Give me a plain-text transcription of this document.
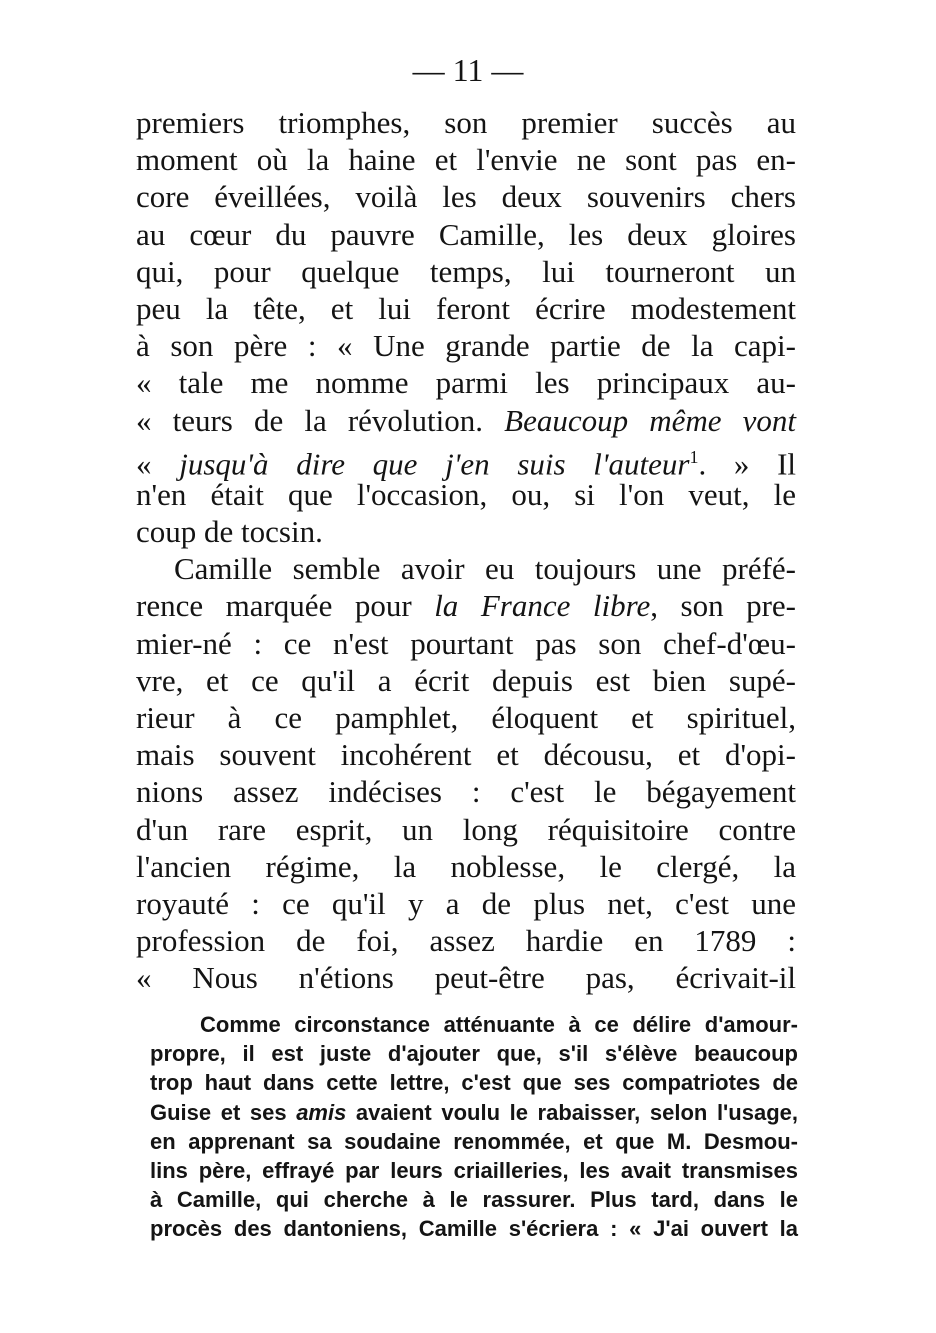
— 11 —
premiers triomphes, son premier succès au
moment où la haine et l'envie ne sont pas en-
core éveillées, voilà les deux souvenirs chers
au cœur du pauvre Camille, les deux gloires
qui, pour quelque temps, lui tourneront un
peu la tête, et lui feront écrire modestement
à son père : « Une grande partie de la capi-
« tale me nomme parmi les principaux au-
« teurs de la révolution. Beaucoup même vont
« jusqu'à dire que j'en suis l'auteur$^1$. » Il
n'en était que l'occasion, ou, si l'on veut, le
coup de tocsin.
Camille semble avoir eu toujours une préfé-
rence marquée pour la France libre, son pre-
mier-né : ce n'est pourtant pas son chef-d'œu-
vre, et ce qu'il a écrit depuis est bien supé-
rieur à ce pamphlet, éloquent et spirituel,
mais souvent incohérent et décousu, et d'opi-
nions assez indécises : c'est le bégayement
d'un rare esprit, un long réquisitoire contre
l'ancien régime, la noblesse, le clergé, la
royauté : ce qu'il y a de plus net, c'est une
profession de foi, assez hardie en 1789 :
« Nous n'étions peut-être pas, écrivait-il
Comme circonstance atténuante à ce délire d'amour-
propre, il est juste d'ajouter que, s'il s'élève beaucoup
trop haut dans cette lettre, c'est que ses compatriotes de
Guise et ses amis avaient voulu le rabaisser, selon l'usage,
en apprenant sa soudaine renommée, et que M. Desmou-
lins père, effrayé par leurs criailleries, les avait transmises
à Camille, qui cherche à le rassurer. Plus tard, dans le
procès des dantoniens, Camille s'écriera : « J'ai ouvert la
